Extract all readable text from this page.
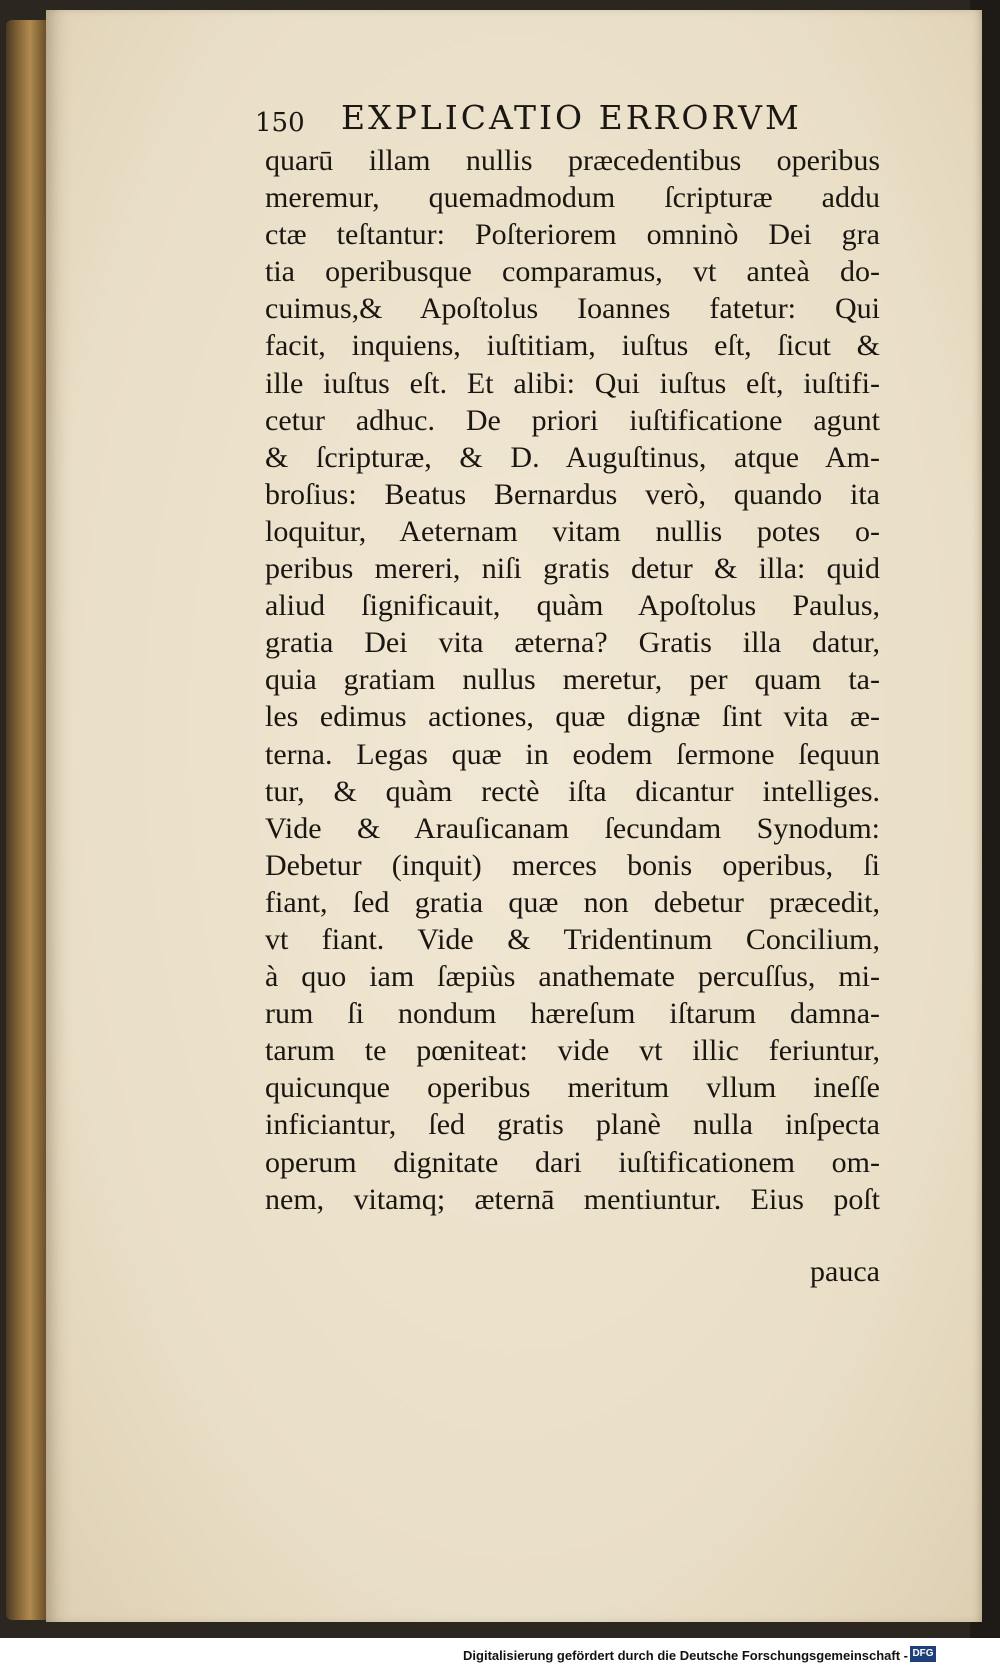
150 EXPLICATIO ERRORVM
quarū illam nullis præcedentibus operibus
meremur, quemadmodum ſcripturæ addu
ctæ teſtantur: Poſteriorem omninò Dei gra
tia operibusque comparamus, vt anteà do-
cuimus,& Apoſtolus Ioannes fatetur: Qui
facit, inquiens, iuſtitiam, iuſtus eſt, ſicut &
ille iuſtus eſt. Et alibi: Qui iuſtus eſt, iuſtifi-
cetur adhuc. De priori iuſtificatione agunt
& ſcripturæ, & D. Auguſtinus, atque Am-
broſius: Beatus Bernardus verò, quando ita
loquitur, Aeternam vitam nullis potes o-
peribus mereri, niſi gratis detur & illa: quid
aliud ſignificauit, quàm Apoſtolus Paulus,
gratia Dei vita æterna? Gratis illa datur,
quia gratiam nullus meretur, per quam ta-
les edimus actiones, quæ dignæ ſint vita æ-
terna. Legas quæ in eodem ſermone ſequun
tur, & quàm rectè iſta dicantur intelliges.
Vide & Arauſicanam ſecundam Synodum:
Debetur (inquit) merces bonis operibus, ſi
fiant, ſed gratia quæ non debetur præcedit,
vt fiant. Vide & Tridentinum Concilium,
à quo iam ſæpiùs anathemate percuſſus, mi-
rum ſi nondum hæreſum iſtarum damna-
tarum te pœniteat: vide vt illic feriuntur,
quicunque operibus meritum vllum ineſſe
inficiantur, ſed gratis planè nulla inſpecta
operum dignitate dari iuſtificationem om-
nem, vitamq; æternā mentiuntur. Eius poſt
pauca
Digitalisierung gefördert durch die Deutsche Forschungsgemeinschaft - DFG
